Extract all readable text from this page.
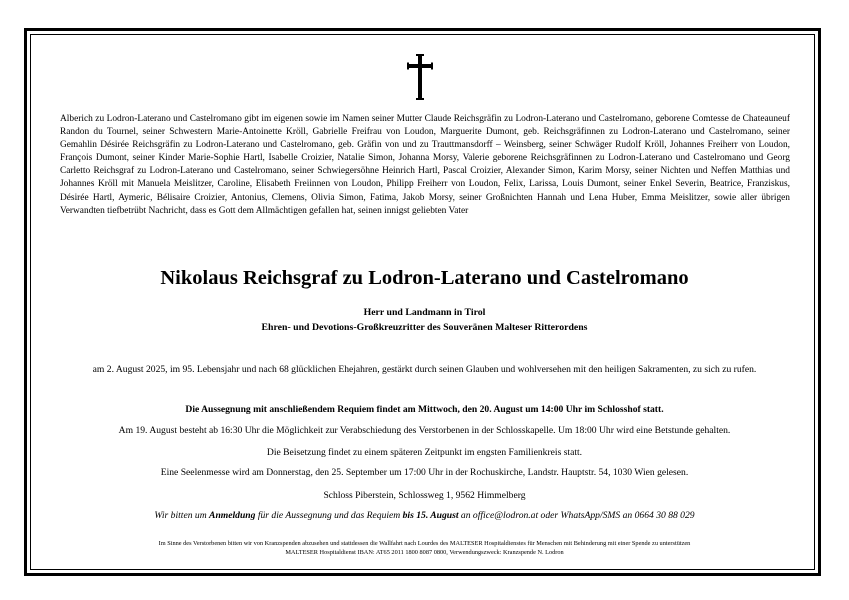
Alberich zu Lodron-Laterano und Castelromano gibt im eigenen sowie im Namen seiner Mutter Claude Reichsgräfin zu Lodron-Laterano und Castelromano, geborene Comtesse de Chateauneuf Randon du Tournel, seiner Schwestern Marie-Antoinette Kröll, Gabrielle Freifrau von Loudon, Marguerite Dumont, geb. Reichsgräfinnen zu Lodron-Laterano und Castelromano, seiner Gemahlin Désirée Reichsgräfin zu Lodron-Laterano und Castelromano, geb. Gräfin von und zu Trauttmansdorff – Weinsberg, seiner Schwäger Rudolf Kröll, Johannes Freiherr von Loudon, François Dumont, seiner Kinder Marie-Sophie Hartl, Isabelle Croizier, Natalie Simon, Johanna Morsy, Valerie geborene Reichsgräfinnen zu Lodron-Laterano und Castelromano und Georg Carletto Reichsgraf zu Lodron-Laterano und Castelromano, seiner Schwiegersöhne Heinrich Hartl, Pascal Croizier, Alexander Simon, Karim Morsy, seiner Nichten und Neffen Matthias und Johannes Kröll mit Manuela Meislitzer, Caroline, Elisabeth Freiinnen von Loudon, Philipp Freiherr von Loudon, Felix, Larissa, Louis Dumont, seiner Enkel Severin, Beatrice, Franziskus, Désirée Hartl, Aymeric, Bélisaire Croizier, Antonius, Clemens, Olivia Simon, Fatima, Jakob Morsy, seiner Großnichten Hannah und Lena Huber, Emma Meislitzer, sowie aller übrigen Verwandten tiefbetrübt Nachricht, dass es Gott dem Allmächtigen gefallen hat, seinen innigst geliebten Vater
Nikolaus Reichsgraf zu Lodron-Laterano und Castelromano
Herr und Landmann in Tirol
Ehren- und Devotions-Großkreuzritter des Souveränen Malteser Ritterordens
am 2. August 2025, im 95. Lebensjahr und nach 68 glücklichen Ehejahren, gestärkt durch seinen Glauben und wohlversehen mit den heiligen Sakramenten, zu sich zu rufen.
Die Aussegnung mit anschließendem Requiem findet am Mittwoch, den 20. August um 14:00 Uhr im Schlosshof statt.
Am 19. August besteht ab 16:30 Uhr die Möglichkeit zur Verabschiedung des Verstorbenen in der Schlosskapelle. Um 18:00 Uhr wird eine Betstunde gehalten.
Die Beisetzung findet zu einem späteren Zeitpunkt im engsten Familienkreis statt.
Eine Seelenmesse wird am Donnerstag, den 25. September um 17:00 Uhr in der Rochuskirche, Landstr. Hauptstr. 54, 1030 Wien gelesen.
Schloss Piberstein, Schlossweg 1, 9562 Himmelberg
Wir bitten um Anmeldung für die Aussegnung und das Requiem bis 15. August an office@lodron.at oder WhatsApp/SMS an 0664 30 88 029
Im Sinne des Verstorbenen bitten wir von Kranzspenden abzusehen und stattdessen die Wallfahrt nach Lourdes des MALTESER Hospitaldienstes für Menschen mit Behinderung mit einer Spende zu unterstützen
MALTESER Hospitaldienst IBAN: AT65 2011 1800 8087 0800, Verwendungszweck: Kranzspende N. Lodron
